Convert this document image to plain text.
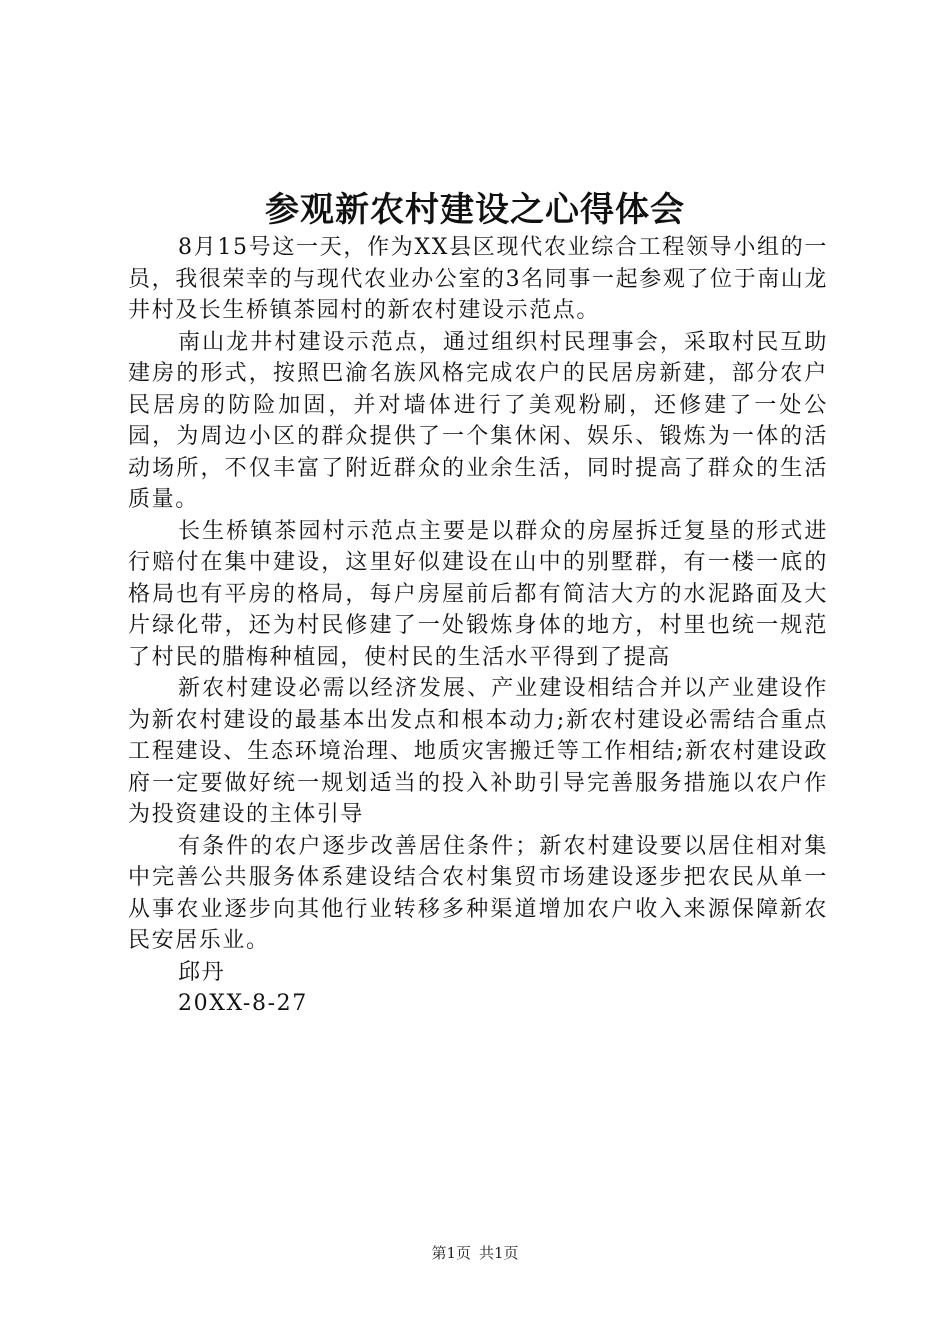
参观新农村建设之心得体会

8月15号这一天，作为XX县区现代农业综合工程领导小组的一员，我很荣幸的与现代农业办公室的3名同事一起参观了位于南山龙井村及长生桥镇茶园村的新农村建设示范点。

南山龙井村建设示范点，通过组织村民理事会，采取村民互助建房的形式，按照巴渝名族风格完成农户的民居房新建，部分农户民居房的防险加固，并对墙体进行了美观粉刷，还修建了一处公园，为周边小区的群众提供了一个集休闲、娱乐、锻炼为一体的活动场所，不仅丰富了附近群众的业余生活，同时提高了群众的生活质量。

长生桥镇茶园村示范点主要是以群众的房屋拆迁复垦的形式进行赔付在集中建设，这里好似建设在山中的别墅群，有一楼一底的格局也有平房的格局，每户房屋前后都有简洁大方的水泥路面及大片绿化带，还为村民修建了一处锻炼身体的地方，村里也统一规范了村民的腊梅种植园，使村民的生活水平得到了提高

新农村建设必需以经济发展、产业建设相结合并以产业建设作为新农村建设的最基本出发点和根本动力;新农村建设必需结合重点工程建设、生态环境治理、地质灾害搬迁等工作相结;新农村建设政府一定要做好统一规划适当的投入补助引导完善服务措施以农户作为投资建设的主体引导

有条件的农户逐步改善居住条件；新农村建设要以居住相对集中完善公共服务体系建设结合农村集贸市场建设逐步把农民从单一从事农业逐步向其他行业转移多种渠道增加农户收入来源保障新农民安居乐业。

邱丹

20XX-8-27

第1页 共1页
